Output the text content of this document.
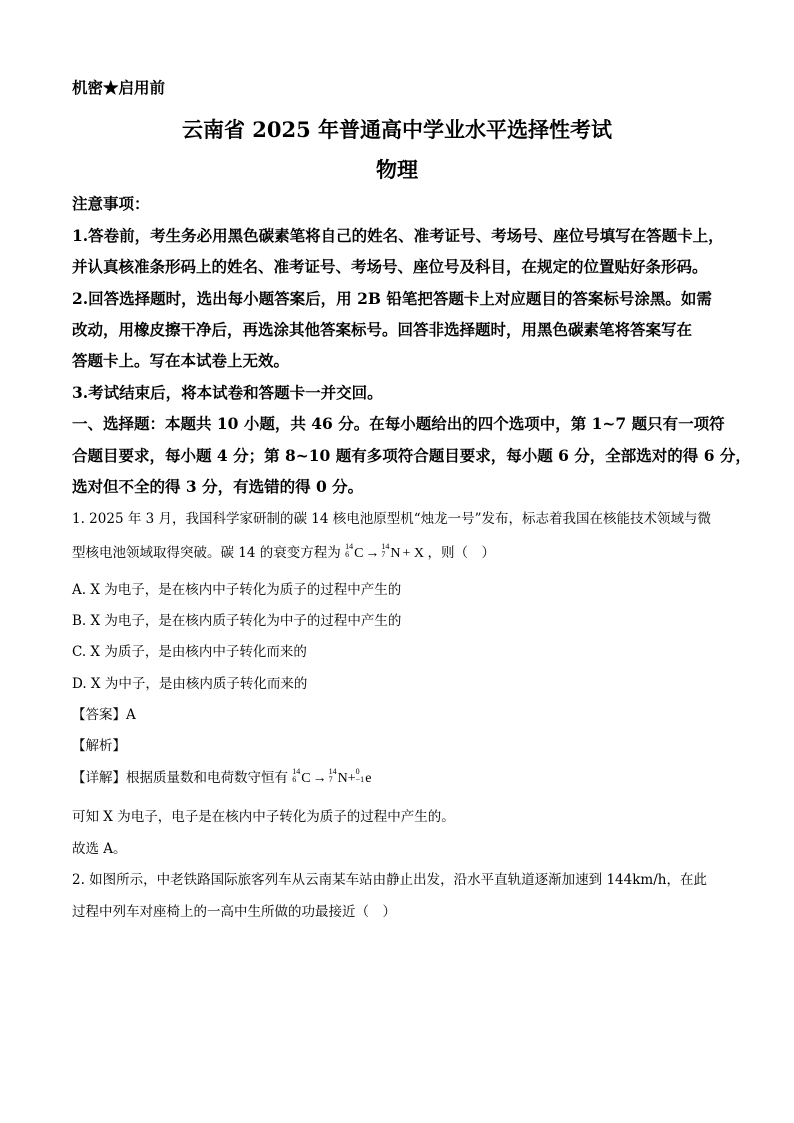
机密★启用前
云南省 2025 年普通高中学业水平选择性考试
物理
注意事项：
1.答卷前，考生务必用黑色碳素笔将自己的姓名、准考证号、考场号、座位号填写在答题卡上，
并认真核准条形码上的姓名、准考证号、考场号、座位号及科目，在规定的位置贴好条形码。
2.回答选择题时，选出每小题答案后，用 2B 铅笔把答题卡上对应题目的答案标号涂黑。如需
改动，用橡皮擦干净后，再选涂其他答案标号。回答非选择题时，用黑色碳素笔将答案写在
答题卡上。写在本试卷上无效。
3.考试结束后，将本试卷和答题卡一并交回。
一、选择题：本题共 10 小题，共 46 分。在每小题给出的四个选项中，第 1~7 题只有一项符
合题目要求，每小题 4 分；第 8~10 题有多项符合题目要求，每小题 6 分，全部选对的得 6 分，
选对但不全的得 3 分，有选错的得 0 分。
1. 2025 年 3 月，我国科学家研制的碳 14 核电池原型机“烛龙一号”发布，标志着我国在核能技术领域与微
型核电池领域取得突破。碳 14 的衰变方程为 14
6 C → 14
7 N + X ，则（　）
A. X 为电子，是在核内中子转化为质子的过程中产生的
B. X 为电子，是在核内质子转化为中子的过程中产生的
C. X 为质子，是由核内中子转化而来的
D. X 为中子，是由核内质子转化而来的
【答案】A
【解析】
【详解】根据质量数和电荷数守恒有 14
6 C → 14
7 N+ 0
−1 e
可知 X 为电子，电子是在核内中子转化为质子的过程中产生的。
故选 A。
2. 如图所示，中老铁路国际旅客列车从云南某车站由静止出发，沿水平直轨道逐渐加速到 144km/h，在此
过程中列车对座椅上的一高中生所做的功最接近（　）
